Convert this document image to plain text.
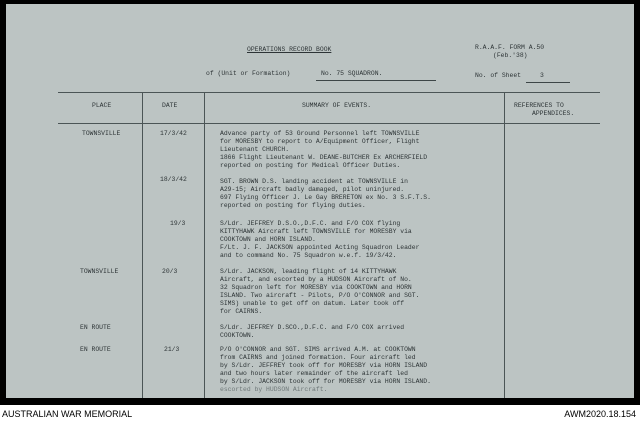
OPERATIONS RECORD BOOK	R.A.A.F. FORM A.50
(Feb.'38)
of (Unit or Formation)	No. 75 SQUADRON.	No. of Sheet	3
PLACE	DATE	SUMMARY OF EVENTS.	REFERENCES TO
APPENDICES.
TOWNSVILLE	17/3/42	Advance party of 53 Ground Personnel left TOWNSVILLE
for MORESBY to report to A/Equipment Officer, Flight
Lieutenant CHURCH.
1866 Flight Lieutenant W. DEANE-BUTCHER Ex ARCHERFIELD
reported on posting for Medical Officer Duties.
18/3/42	SGT. BROWN D.S. landing accident at TOWNSVILLE in
A29-15; Aircraft badly damaged, pilot uninjured.
697 Flying Officer J. Le Gay BRERETON ex No. 3 S.F.T.S.
reported on posting for flying duties.
19/3	S/Ldr. JEFFREY D.S.O.,D.F.C. and F/O COX flying
KITTYHAWK Aircraft left TOWNSVILLE for MORESBY via
COOKTOWN and HORN ISLAND.
F/Lt. J. F. JACKSON appointed Acting Squadron Leader
and to command No. 75 Squadron w.e.f. 19/3/42.
TOWNSVILLE	20/3	S/Ldr. JACKSON, leading flight of 14 KITTYHAWK
Aircraft, and escorted by a HUDSON Aircraft of No.
32 Squadron left for MORESBY via COOKTOWN and HORN
ISLAND. Two aircraft - Pilots, P/O O'CONNOR and SGT.
SIMS) unable to get off on datum. Later took off
for CAIRNS.
EN ROUTE	S/Ldr. JEFFREY D.SCO.,D.F.C. and F/O COX arrived
COOKTOWN.
EN ROUTE	21/3	P/O O'CONNOR and SGT. SIMS arrived A.M. at COOKTOWN
from CAIRNS and joined formation. Four aircraft led
by S/Ldr. JEFFREY took off for MORESBY via HORN ISLAND
and two hours later remainder of the aircraft led
by S/Ldr. JACKSON took off for MORESBY via HORN ISLAND.
escorted by HUDSON Aircraft.
AUSTRALIAN WAR MEMORIAL	AWM2020.18.154
